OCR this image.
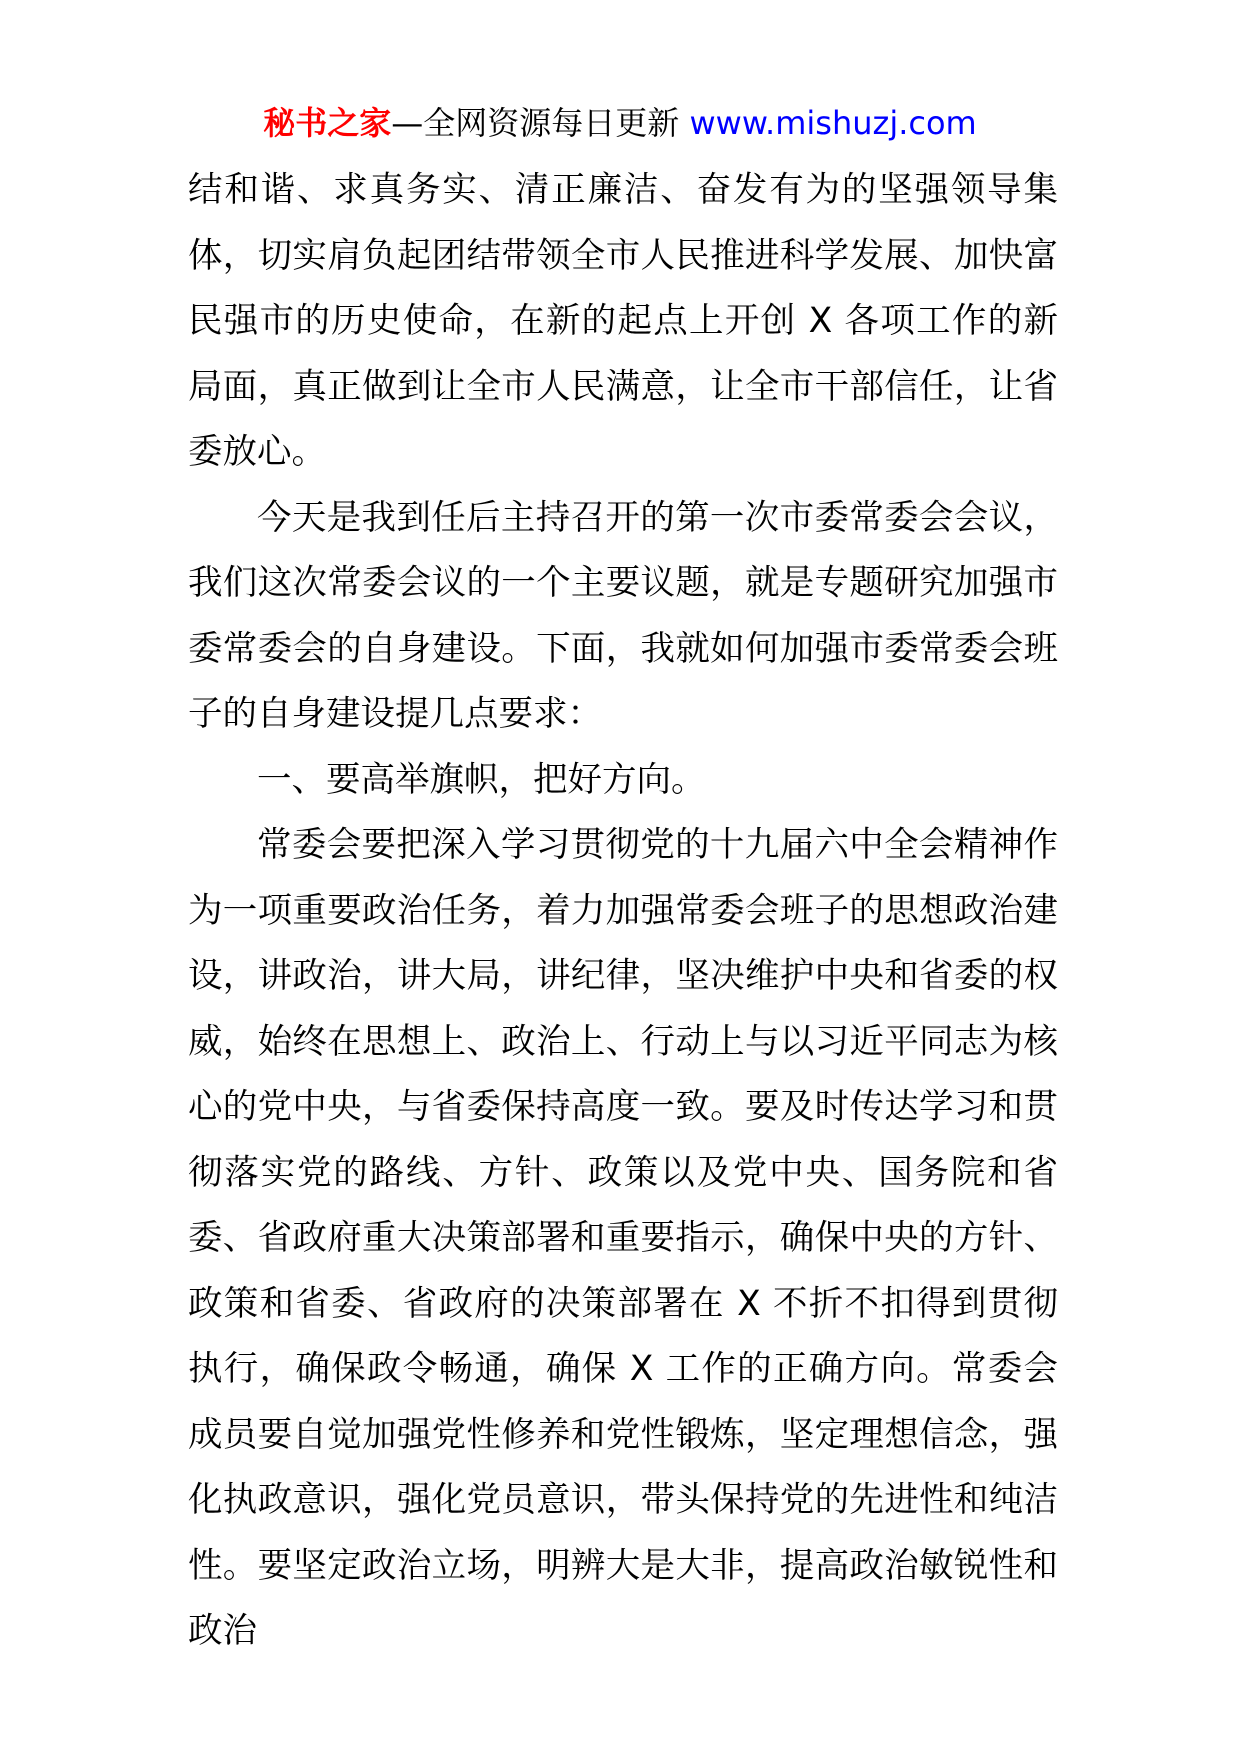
秘书之家—全网资源每日更新 www.mishuzj.com

结和谐、求真务实、清正廉洁、奋发有为的坚强领导集体，切实肩负起团结带领全市人民推进科学发展、加快富民强市的历史使命，在新的起点上开创 X 各项工作的新局面，真正做到让全市人民满意，让全市干部信任，让省委放心。

今天是我到任后主持召开的第一次市委常委会会议，我们这次常委会议的一个主要议题，就是专题研究加强市委常委会的自身建设。下面，我就如何加强市委常委会班子的自身建设提几点要求：

一、要高举旗帜，把好方向。

常委会要把深入学习贯彻党的十九届六中全会精神作为一项重要政治任务，着力加强常委会班子的思想政治建设，讲政治，讲大局，讲纪律，坚决维护中央和省委的权威，始终在思想上、政治上、行动上与以习近平同志为核心的党中央，与省委保持高度一致。要及时传达学习和贯彻落实党的路线、方针、政策以及党中央、国务院和省委、省政府重大决策部署和重要指示，确保中央的方针、政策和省委、省政府的决策部署在 X 不折不扣得到贯彻执行，确保政令畅通，确保 X 工作的正确方向。常委会成员要自觉加强党性修养和党性锻炼，坚定理想信念，强化执政意识，强化党员意识，带头保持党的先进性和纯洁性。要坚定政治立场，明辨大是大非，提高政治敏锐性和政治
